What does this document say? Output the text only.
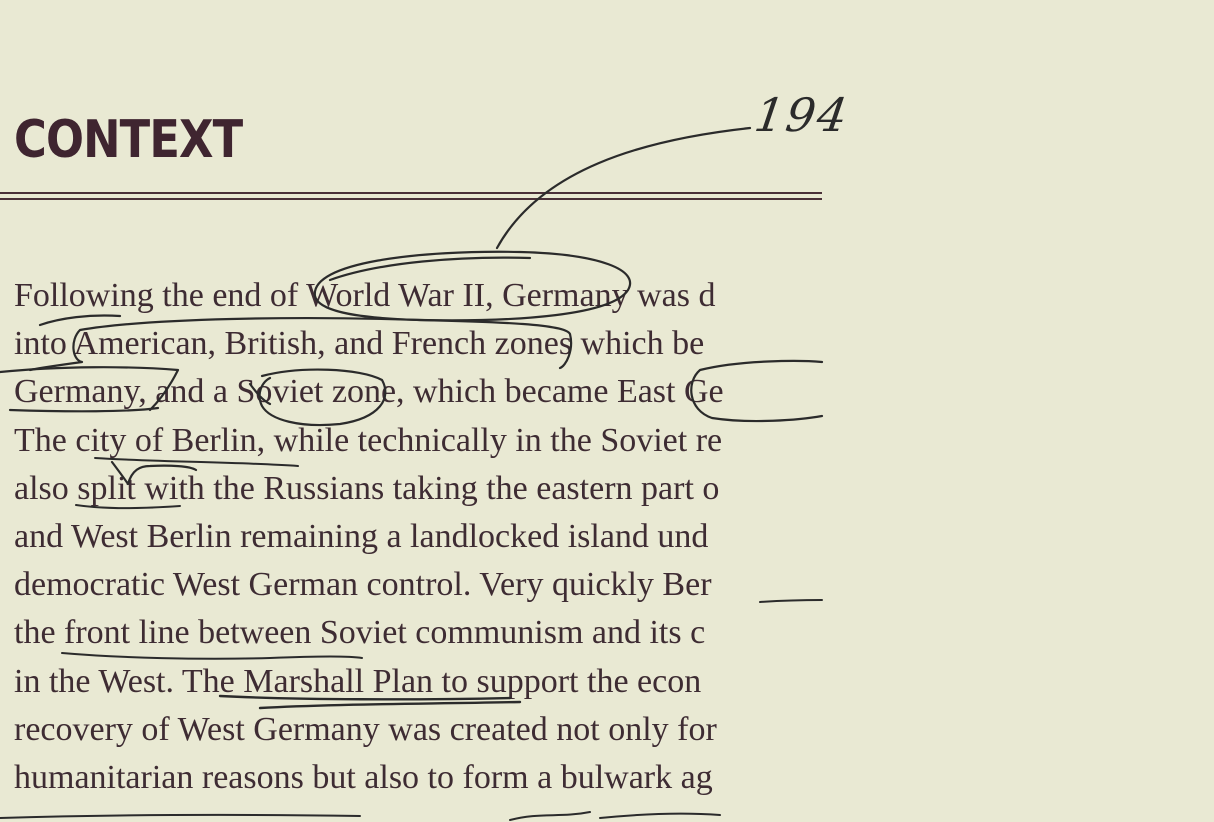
CONTEXT
Following the end of World War II, Germany was d
into American, British, and French zones which be
Germany, and a Soviet zone, which became East Ge
The city of Berlin, while technically in the Soviet re
also split with the Russians taking the eastern part o
and West Berlin remaining a landlocked island und
democratic West German control. Very quickly Ber
the front line between Soviet communism and its c
in the West. The Marshall Plan to support the econ
recovery of West Germany was created not only for
humanitarian reasons but also to form a bulwark ag
194
